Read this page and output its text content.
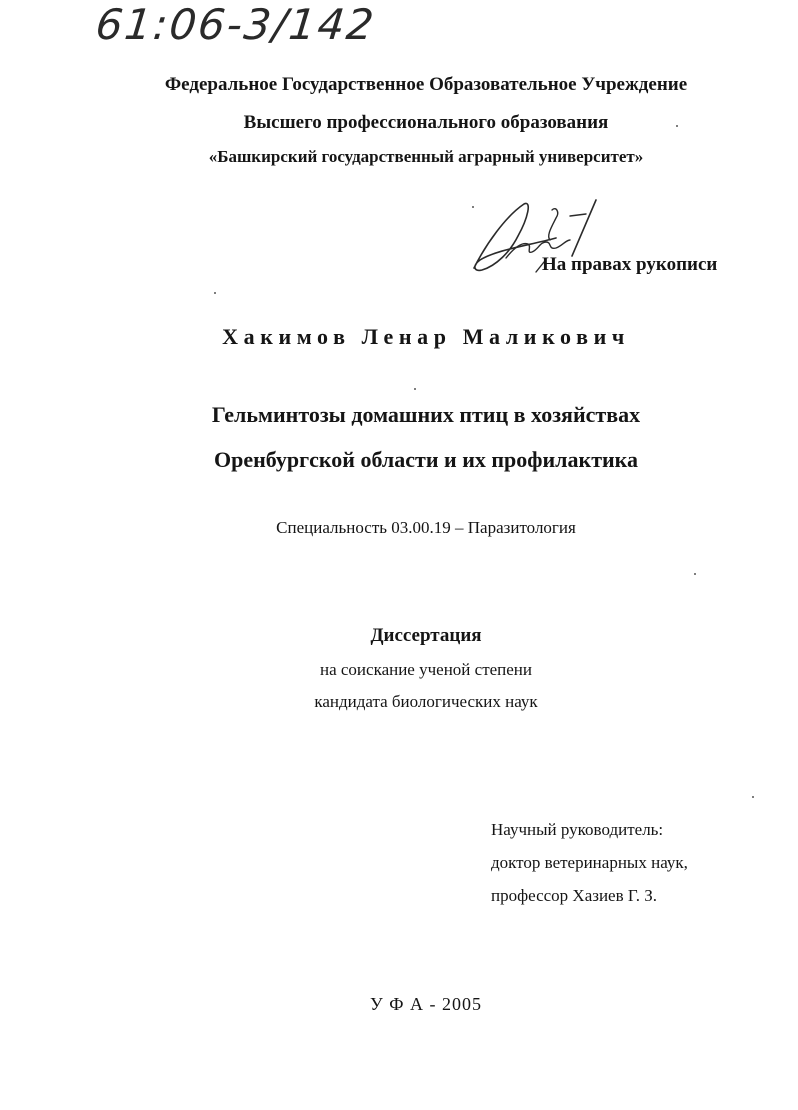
61:06-3/142

Федеральное Государственное Образовательное Учреждение

Высшего профессионального образования

«Башкирский государственный аграрный университет»

На правах рукописи

Хакимов Ленар Маликович

Гельминтозы домашних птиц в хозяйствах

Оренбургской области и их профилактика

Специальность 03.00.19 – Паразитология

Диссертация

на соискание ученой степени

кандидата биологических наук

Научный руководитель:

доктор ветеринарных наук,

профессор Хазиев Г. З.

У Ф А - 2005
